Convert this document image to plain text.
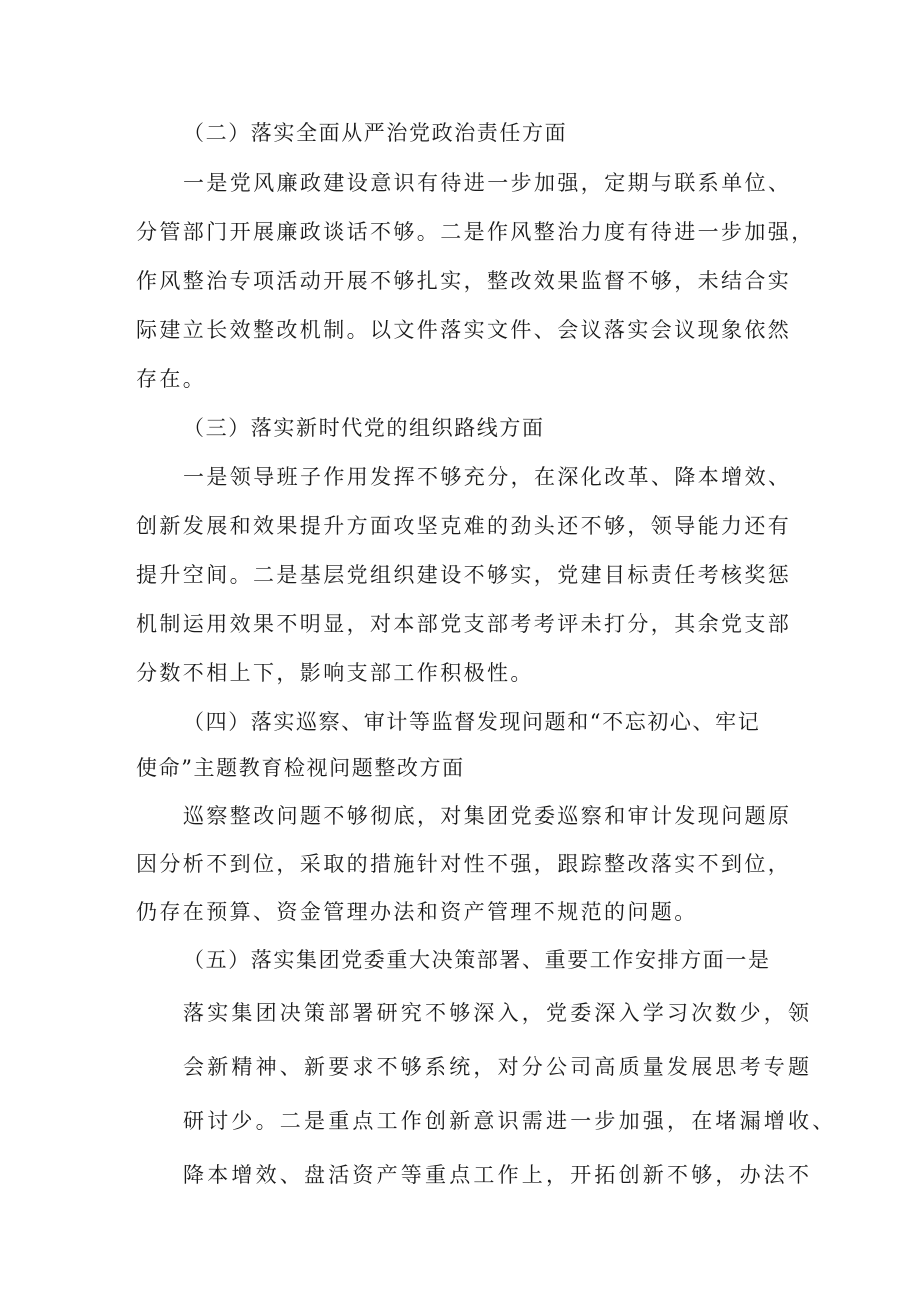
（二）落实全面从严治党政治责任方面
一是党风廉政建设意识有待进一步加强，定期与联系单位、
分管部门开展廉政谈话不够。二是作风整治力度有待进一步加强，
作风整治专项活动开展不够扎实，整改效果监督不够，未结合实
际建立长效整改机制。以文件落实文件、会议落实会议现象依然
存在。
（三）落实新时代党的组织路线方面
一是领导班子作用发挥不够充分，在深化改革、降本增效、
创新发展和效果提升方面攻坚克难的劲头还不够，领导能力还有
提升空间。二是基层党组织建设不够实，党建目标责任考核奖惩
机制运用效果不明显，对本部党支部考考评未打分，其余党支部
分数不相上下，影响支部工作积极性。
（四）落实巡察、审计等监督发现问题和“不忘初心、牢记
使命”主题教育检视问题整改方面
巡察整改问题不够彻底，对集团党委巡察和审计发现问题原
因分析不到位，采取的措施针对性不强，跟踪整改落实不到位，
仍存在预算、资金管理办法和资产管理不规范的问题。
（五）落实集团党委重大决策部署、重要工作安排方面一是
落实集团决策部署研究不够深入，党委深入学习次数少，领
会新精神、新要求不够系统，对分公司高质量发展思考专题
研讨少。二是重点工作创新意识需进一步加强，在堵漏增收、
降本增效、盘活资产等重点工作上，开拓创新不够，办法不
